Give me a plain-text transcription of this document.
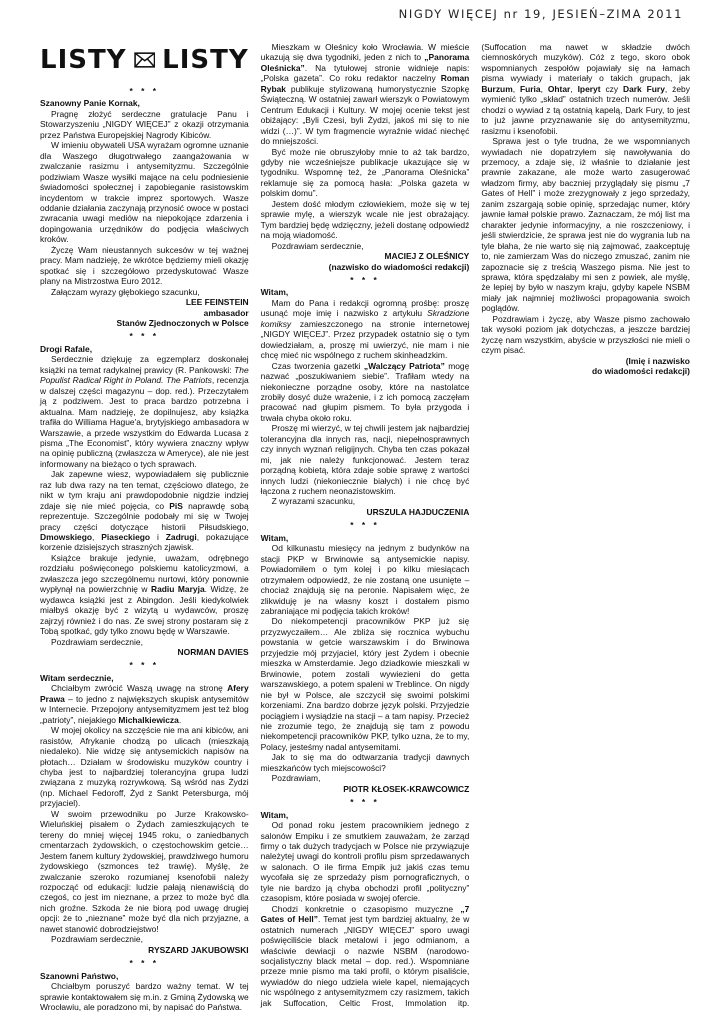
NIGDY WIĘCEJ nr 19, JESIEŃ–ZIMA 2011
LISTY LISTY
* * *
Szanowny Panie Kornak,

Pragnę złożyć serdeczne gratulacje Panu i Stowarzyszeniu „NIGDY WIĘCEJ” z okazji otrzymania przez Państwa Europejskiej Nagrody Kibiców.

W imieniu obywateli USA wyrażam ogromne uznanie dla Waszego długotrwałego zaangażowania w zwalczanie rasizmu i antysemityzmu. Szczególnie podziwiam Wasze wysiłki mające na celu podniesienie świadomości społecznej i zapobieganie rasistowskim incydentom w trakcie imprez sportowych. Wasze oddanie działania zaczynają przynosić owoce w postaci zwracania uwagi mediów na niepokojące zdarzenia i dopingowania urzędników do podjęcia właściwych kroków.

Życzę Wam nieustannych sukcesów w tej ważnej pracy. Mam nadzieję, że wkrótce będziemy mieli okazję spotkać się i szczegółowo przedyskutować Wasze plany na Mistrzostwa Euro 2012.

Załączam wyrazy głębokiego szacunku,

LEE FEINSTEIN
ambasador
Stanów Zjednoczonych w Polsce
* * *
Drogi Rafale,

Serdecznie dziękuję za egzemplarz doskonałej książki na temat radykalnej prawicy (R. Pankowski: The Populist Radical Right in Poland. The Patriots, recenzja w dalszej części magazynu – dop. red.). Przeczytałem ją z podziwem. Jest to praca bardzo potrzebna i aktualna. Mam nadzieję, że dopilnujesz, aby książka trafiła do Williama Hague'a, brytyjskiego ambasadora w Warszawie, a przede wszystkim do Edwarda Lucasa z pisma „The Economist”, który wywiera znaczny wpływ na opinię publiczną (zwłaszcza w Ameryce), ale nie jest informowany na bieżąco o tych sprawach.

Jak zapewne wiesz, wypowiadałem się publicznie raz lub dwa razy na ten temat, częściowo dlatego, że nikt w tym kraju ani prawdopodobnie nigdzie indziej zdaje się nie mieć pojęcia, co PiS naprawdę sobą reprezentuje. Szczególnie podobały mi się w Twojej pracy części dotyczące historii Piłsudskiego, Dmowskiego, Piaseckiego i Zadrugi, pokazujące korzenie dzisiejszych straszných zjawisk.

Książce brakuje jedynie, uważam, odrębnego rozdziału poświęconego polskiemu katolicyzmowi, a zwłaszcza jego szczególnemu nurtowi, który ponownie wypłynął na powierzchnię w Radiu Maryja. Widzę, że wydawca książki jest z Abingdon. Jeśli kiedykolwiek miałbyś okazję być z wizytą u wydawców, proszę zajrzyj również i do nas. Ze swej strony postaram się z Tobą spotkać, gdy tylko znowu będę w Warszawie.

Pozdrawiam serdecznie,

NORMAN DAVIES
* * *
Witam serdecznie,

Chciałbym zwrócić Waszą uwagę na stronę Afery Prawa – to jedno z największych skupisk antysemitów w Internecie. Przepojony antysemityzmem jest też blog „patrioty”, niejakiego Michalkiewicza.

W mojej okolicy na szczęście nie ma ani kibiców, ani rasistów, Afrykanie chodzą po ulicach (mieszkają niedaleko). Nie widzę się antysemickich napisów na płotach… Działam w środowisku muzyków country i chyba jest to najbardziej tolerancyjna grupa ludzi związana z muzyką rozrywkową. Są wśród nas Żydzi (np. Michael Fedoroff, Żyd z Sankt Petersburga, mój przyjaciel).

W swoim przewodniku po Jurze Krakowsko-Wieluńskiej pisałem o Żydach zamieszkujących te tereny do mniej więcej 1945 roku, o zaniedbanych cmentarzach żydowskich, o częstochowskim getcie… Jestem fanem kultury żydowskiej, prawdziwego humoru żydowskiego (szmonces też trawię). Myślę, że zwalczanie szeroko rozumianej ksenofobii należy rozpocząć od edukacji: ludzie pałają nienawiścią do czegoś, co jest im nieznane, a przez to może być dla nich groźne. Szkoda że nie biorą pod uwagę drugiej opcji: że to „nieznane” może być dla nich przyjazne, a nawet stanowić dobrodziejstwo!

Pozdrawiam serdecznie,

RYSZARD JAKUBOWSKI
* * *
Szanowni Państwo,

Chciałbym poruszyć bardzo ważny temat. W tej sprawie kontaktowałem się m.in. z Gminą Żydowską we Wrocławiu, ale poradzono mi, by napisać do Państwa.

Mieszkam w Oleśnicy koło Wrocławia. W mieście ukazują się dwa tygodniki, jeden z nich to „Panorama Oleśnicka”. Na tytułowej stronie widnieje napis: „Polska gazeta”. Co roku redaktor naczelny Roman Rybak publikuje stylizowaną humorystycznie Szopkę Świąteczną. W ostatniej zawarł wierszyk o Powiatowym Centrum Edukacji i Kultury. W mojej ocenie tekst jest obiźający: „Byli Czesi, byli Żydzi, jakoś mi się to nie widzi (…)”. W tym fragmencie wyraźnie widać niechęć do mniejszości.

Być może nie obruszyłoby mnie to aż tak bardzo, gdyby nie wcześniejsze publikacje ukazujące się w tygodniku. Wspomnę też, że „Panorama Oleśnicka” reklamuje się za pomocą hasła: „Polska gazeta w polskim domu”.

Jestem dość młodym człowiekiem, może się w tej sprawie mylę, a wierszyk wcale nie jest obrażający. Tym bardziej będę wdzięczny, jeżeli dostanę odpowiedź na moją wiadomość.

Pozdrawiam serdecznie,

MACIEJ Z OLEŚNICY
(nazwisko do wiadomości redakcji)
* * *
Witam,

Mam do Pana i redakcji ogromną prośbę: proszę usunąć moje imię i nazwisko z artykułu Skradzione komiksy zamieszczonego na stronie internetowej „NIGDY WIĘCEJ”. Przez przypadek ostatnio się o tym dowiedziałam, a, proszę mi uwierzyć, nie mam i nie chcę mieć nic wspólnego z ruchem skinheadzkim.

Czas tworzenia gazetki „Walczący Patriota” mogę nazwać „poszukiwaniem siebie”. Trafiłam wtedy na niekonieczne porządne osoby, które na nastolatce zrobiły dosyć duże wrażenie, i z ich pomocą zaczęłam pracować nad głupim pismem. To była przygoda i trwała chyba około roku.

Proszę mi wierzyć, w tej chwili jestem jak najbardziej tolerancyjna dla innych ras, nacji, niepełnosprawnych czy innych wyznań religijnych. Chyba ten czas pokazał mi, jak nie należy funkcjonować. Jestem teraz porządną kobietą, która zdaje sobie sprawę z wartości innych ludzi (niekoniecznie białych) i nie chcę być łączona z ruchem neonazistowskim.

Z wyrazami szacunku,

URSZULA HAJDUCZENIA
* * *
Witam,

Od kilkunastu miesięcy na jednym z budynków na stacji PKP w Brwinowie są antysemickie napisy. Powiadomiłem o tym kolej i po kilku miesiącach otrzymałem odpowiedź, że nie zostaną one usunięte – chociaż znajdują się na peronie. Napisałem więc, że zlikwiduję je na własny koszt i dostałem pismo zabraniające mi podjęcia takich kroków!

Do niekompetencji pracowników PKP już się przyzwyczaiłem… Ale zbliża się rocznica wybuchu powstania w getcie warszawskim i do Brwinowa przyjedzie mój przyjaciel, który jest Żydem i obecnie mieszka w Amsterdamie. Jego dziadkowie mieszkali w Brwinowie, potem zostali wywiezieni do getta warszawskiego, a potem spaleni w Treblince. On nigdy nie był w Polsce, ale szczycił się swoimi polskimi korzeniami. Zna bardzo dobrze język polski. Przyjedzie pociągiem i wysiądzie na stacji – a tam napisy. Przecież nie zrozumie tego, że znajdują się tam z powodu niekompetencji pracowników PKP, tylko uzna, że to my, Polacy, jesteśmy nadal antysemitami.

Jak to się ma do odtwarzania tradycji dawnych mieszkańców tych miejscowości?

Pozdrawiam,

PIOTR KŁOSEK-KRAWCOWICZ
* * *
Witam,

Od ponad roku jestem pracownikiem jednego z salonów Empiku i ze smutkiem zauważam, że zarząd firmy o tak dużych tradycjach w Polsce nie przywiązuje należytej uwagi do kontroli profilu pism sprzedawanych w salonach. O ile firma Empik już jakiś czas temu wycofała się ze sprzedaży pism pornograficznych, o tyle nie bardzo ją chyba obchodzi profil „polityczny” czasopism, które posiada w swojej ofercie.

Chodzi konkretnie o czasopismo muzyczne „7 Gates of Hell”. Temat jest tym bardziej aktualny, że w ostatnich numerach „NIGDY WIĘCEJ” sporo uwagi poświęciliście black metalowi i jego odmianom, a właściwie dewiacji o nazwie NSBM (narodowo-socjalistyczny black metal – dop. red.). Wspomniane przeze mnie pismo ma taki profil, o którym pisaliście, wywiadów do niego udziela wiele kapel, niemających nic wspólnego z antysemityzmem czy rasizmem, takich jak Suffocation, Celtic Frost, Immolation itp. (Suffocation ma nawet w składzie dwóch ciemnoskórych muzyków). Cóż z tego, skoro obok wspomnianych zespołów pojawiały się na łamach pisma wywiady i materiały o takich grupach, jak Burzum, Furia, Ohtar, Iperyt czy Dark Fury, żeby wymienić tylko „skład” ostatnich trzech numerów. Jeśli chodzi o wywiad z tą ostatnią kapelą, Dark Fury, to jest to już jawne przyznawanie się do antysemityzmu, rasizmu i ksenofobii.

Sprawa jest o tyle trudna, że we wspomnianych wywiadach nie dopatrzyłem się nawoływania do przemocy, a zdaje się, iż właśnie to działanie jest prawnie zakazane, ale może warto zasugerować władzom firmy, aby baczniej przyglądały się pismu „7 Gates of Hell” i może zrezygnowały z jego sprzedaży, zanim zszargają sobie opinię, sprzedając numer, który jawnie łamał polskie prawo. Zaznaczam, że mój list ma charakter jedynie informacyjny, a nie roszczeniowy, i jeśli stwierdzicie, że sprawa jest nie do wygrania lub na tyle błaha, że nie warto się nią zajmować, zaakceptuję to, nie zamierzam Was do niczego zmuszać, zanim nie zapoznacie się z treścią Waszego pisma. Nie jest to sprawa, która spędzałaby mi sen z powiek, ale myślę, że lepiej by było w naszym kraju, gdyby kapele NSBM miały jak najmniej możliwości propagowania swoich poglądów.

Pozdrawiam i życzę, aby Wasze pismo zachowało tak wysoki poziom jak dotychczas, a jeszcze bardziej życzę nam wszystkim, abyście w przyszłości nie mieli o czym pisać.

(Imię i nazwisko
do wiadomości redakcji)
